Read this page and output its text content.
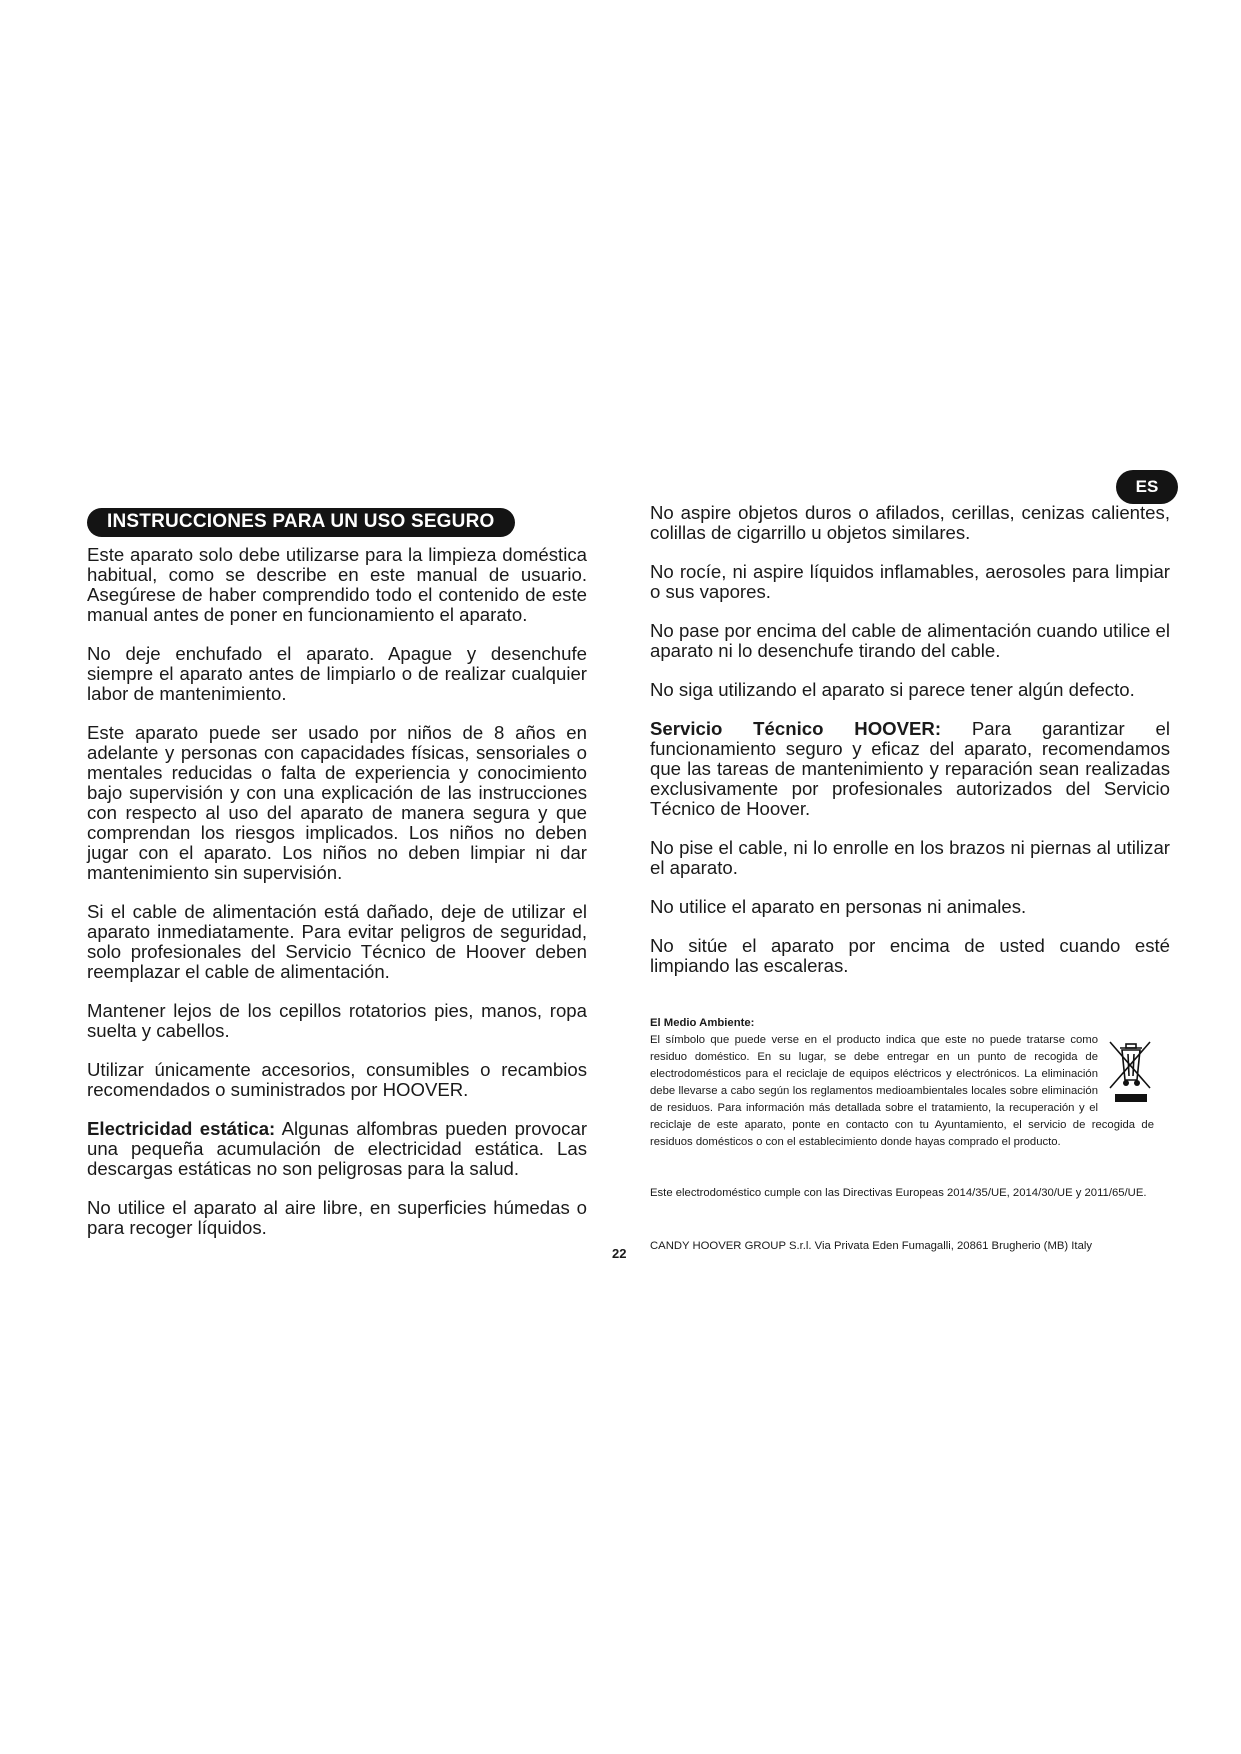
ES
INSTRUCCIONES PARA UN USO SEGURO

Este aparato solo debe utilizarse para la limpieza doméstica habitual, como se describe en este manual de usuario. Asegúrese de haber comprendido todo el contenido de este manual antes de poner en funcionamiento el aparato.

No deje enchufado el aparato. Apague y desenchufe siempre el aparato antes de limpiarlo o de realizar cualquier labor de mantenimiento.

Este aparato puede ser usado por niños de 8 años en adelante y personas con capacidades físicas, sensoriales o mentales reducidas o falta de experiencia y conocimiento bajo supervisión y con una explicación de las instrucciones con respecto al uso del aparato de manera segura y que comprendan los riesgos implicados. Los niños no deben jugar con el aparato. Los niños no deben limpiar ni dar mantenimiento sin supervisión.

Si el cable de alimentación está dañado, deje de utilizar el aparato inmediatamente. Para evitar peligros de seguridad, solo profesionales del Servicio Técnico de Hoover deben reemplazar el cable de alimentación.

Mantener lejos de los cepillos rotatorios pies, manos, ropa suelta y cabellos.

Utilizar únicamente accesorios, consumibles o recambios recomendados o suministrados por HOOVER.

Electricidad estática: Algunas alfombras pueden provocar una pequeña acumulación de electricidad estática. Las descargas estáticas no son peligrosas para la salud.

No utilice el aparato al aire libre, en superficies húmedas o para recoger líquidos.

No aspire objetos duros o afilados, cerillas, cenizas calientes, colillas de cigarrillo u objetos similares.

No rocíe, ni aspire líquidos inflamables, aerosoles para limpiar o sus vapores.

No pase por encima del cable de alimentación cuando utilice el aparato ni lo desenchufe tirando del cable.

No siga utilizando el aparato si parece tener algún defecto.

Servicio Técnico HOOVER: Para garantizar el funcionamiento seguro y eficaz del aparato, recomendamos que las tareas de mantenimiento y reparación sean realizadas exclusivamente por profesionales autorizados del Servicio Técnico de Hoover.

No pise el cable, ni lo enrolle en los brazos ni piernas al utilizar el aparato.

No utilice el aparato en personas ni animales.

No sitúe el aparato por encima de usted cuando esté limpiando las escaleras.

El Medio Ambiente:

El símbolo que puede verse en el producto indica que este no puede tratarse como residuo doméstico. En su lugar, se debe entregar en un punto de recogida de electrodomésticos para el reciclaje de equipos eléctricos y electrónicos. La eliminación debe llevarse a cabo según los reglamentos medioambientales locales sobre eliminación de residuos. Para información más detallada sobre el tratamiento, la recuperación y el reciclaje de este aparato, ponte en contacto con tu Ayuntamiento, el servicio de recogida de residuos domésticos o con el establecimiento donde hayas comprado el producto.

Este electrodoméstico cumple con las Directivas Europeas 2014/35/UE, 2014/30/UE y 2011/65/UE.

CANDY HOOVER GROUP S.r.l. Via Privata Eden Fumagalli, 20861 Brugherio (MB) Italy

22
